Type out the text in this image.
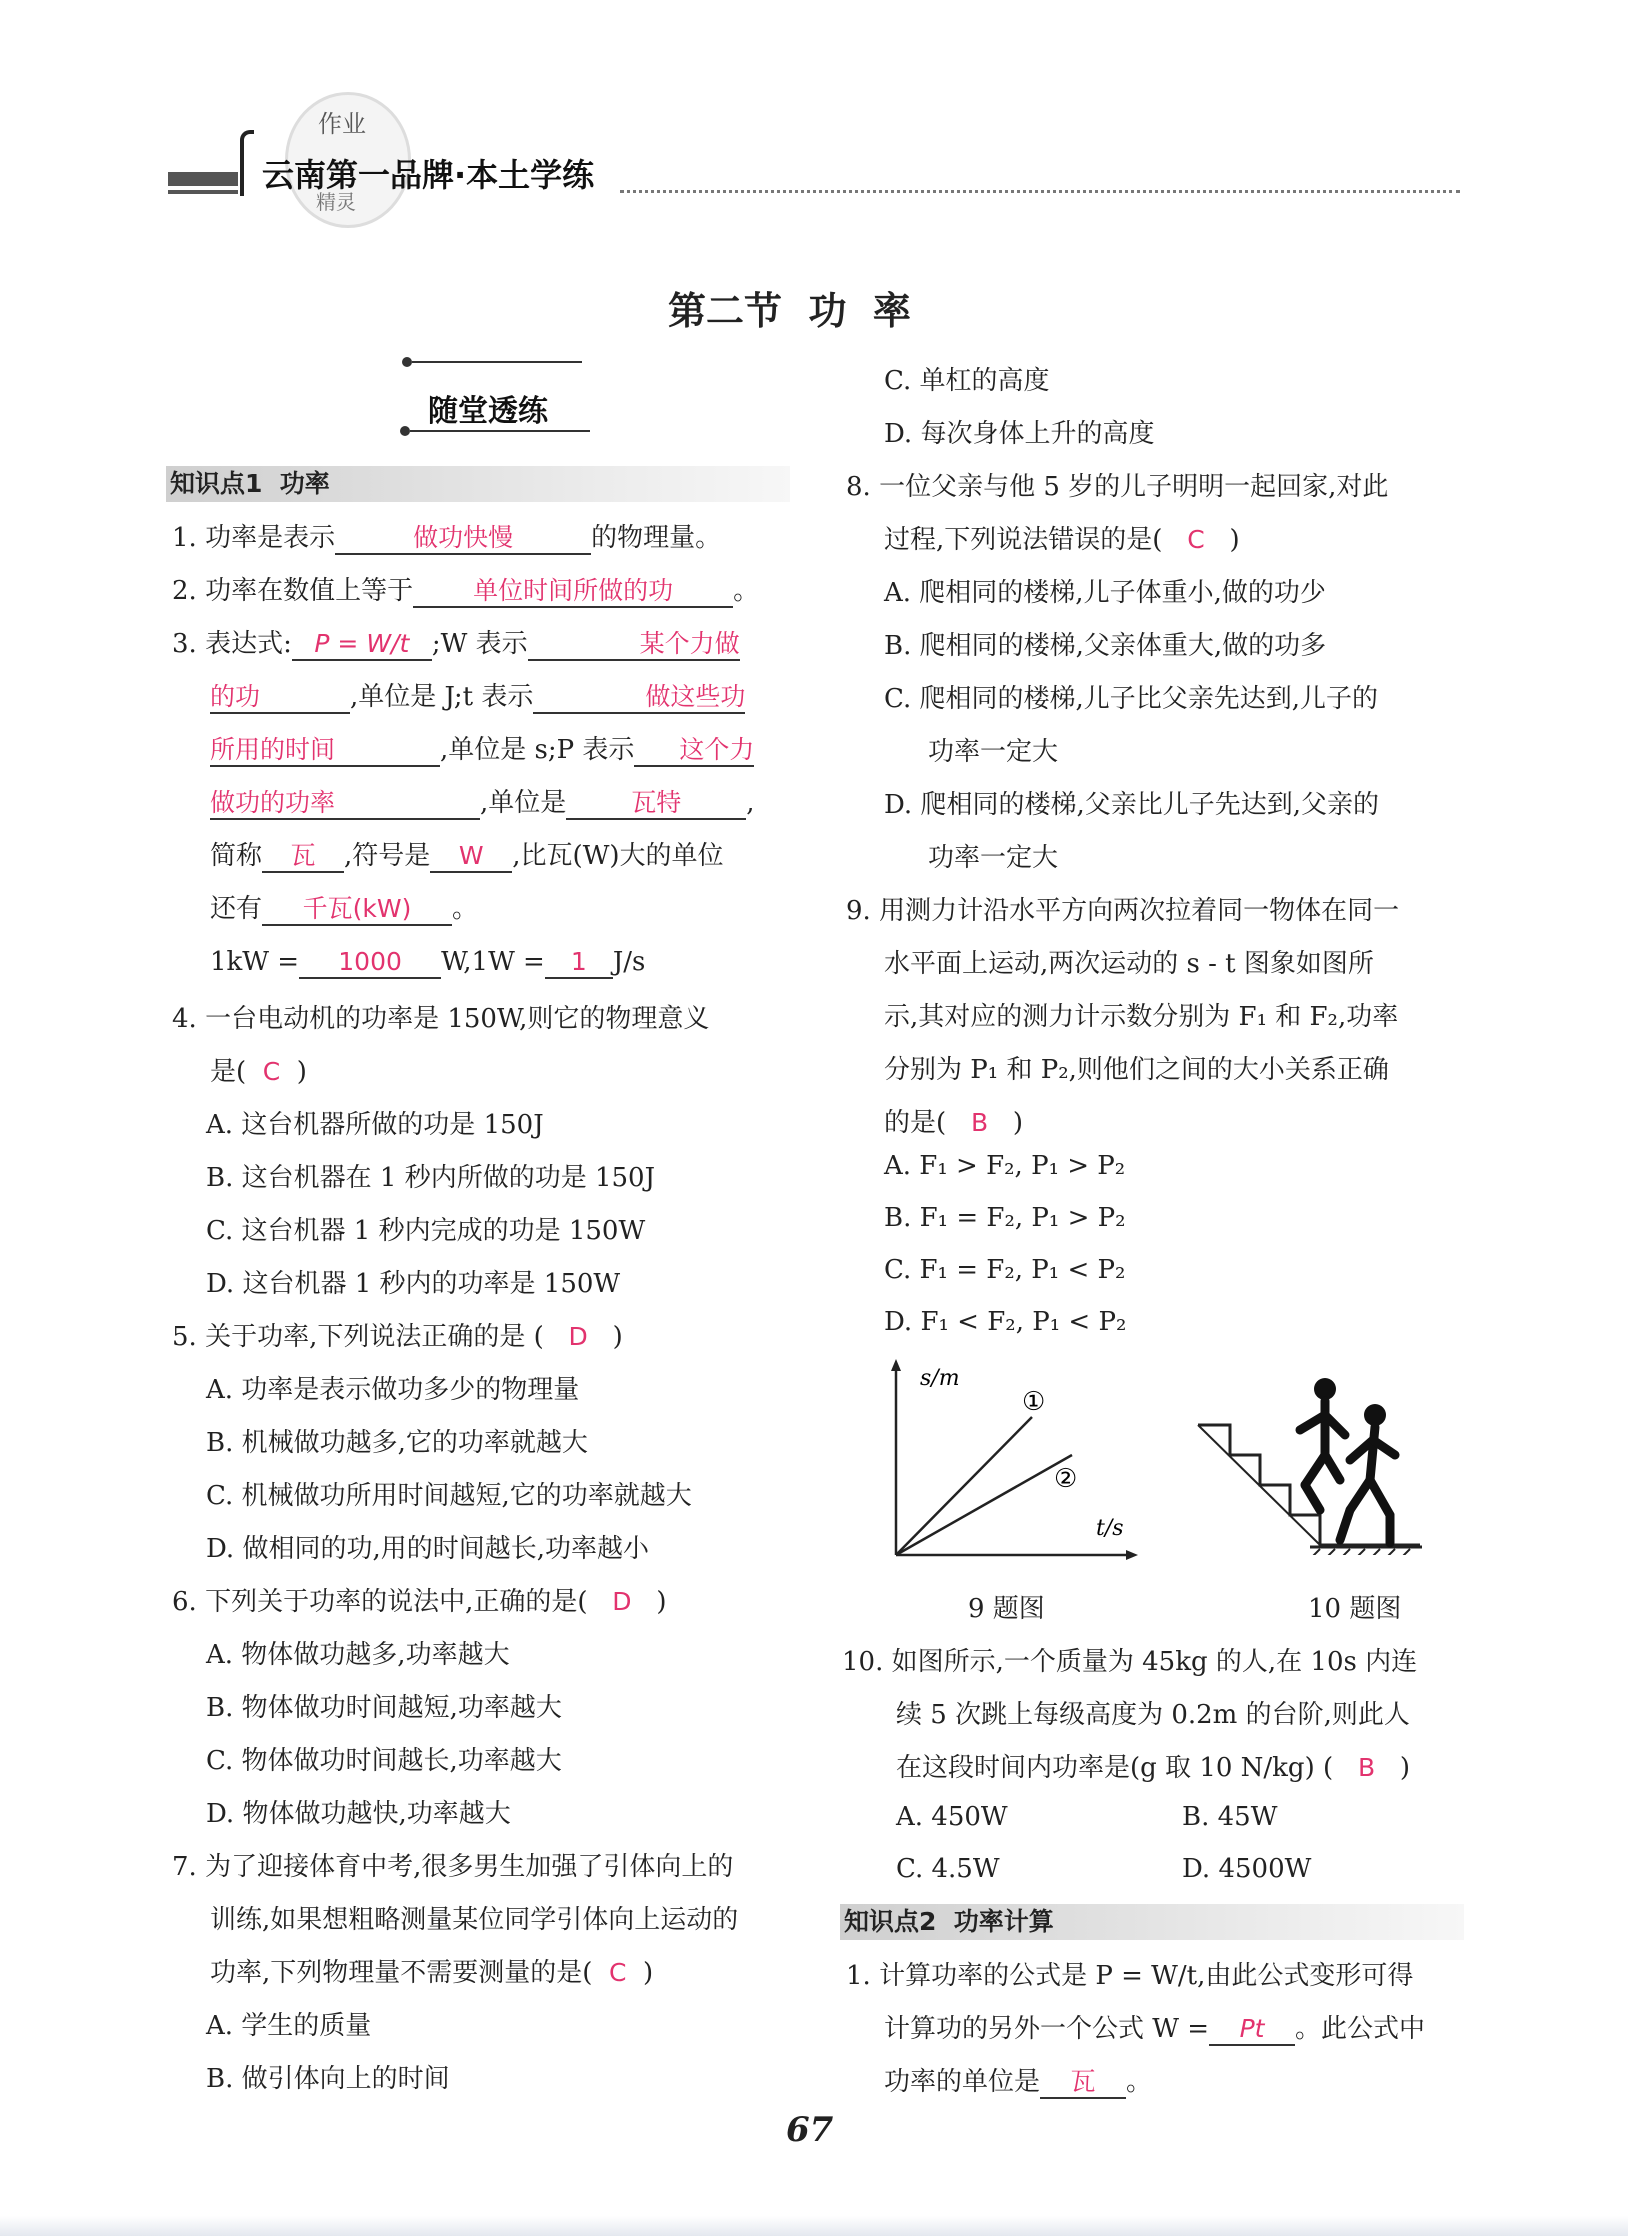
作业
精灵
云南第一品牌·本土学练
第二节  功  率
随堂透练
知识点1  功率
1. 功率是表示	做功快慢	的物理量。
2. 功率在数值上等于 单位时间所做的功 。
3. 表达式: P = W/t ;W 表示	某个力做
的功	,单位是 J;t 表示	做这些功
所用的时间	,单位是 s;P 表示 这个力
做功的功率	,单位是	瓦特	,
简称 瓦 ,符号是 W ,比瓦(W)大的单位
还有 千瓦(kW) 。
1kW = 1000 W,1W = 1 J/s
4. 一台电动机的功率是 150W,则它的物理意义
是( C )
A. 这台机器所做的功是 150J
B. 这台机器在 1 秒内所做的功是 150J
C. 这台机器 1 秒内完成的功是 150W
D. 这台机器 1 秒内的功率是 150W
5. 关于功率,下列说法正确的是 ( D )
A. 功率是表示做功多少的物理量
B. 机械做功越多,它的功率就越大
C. 机械做功所用时间越短,它的功率就越大
D. 做相同的功,用的时间越长,功率越小
6. 下列关于功率的说法中,正确的是( D )
A. 物体做功越多,功率越大
B. 物体做功时间越短,功率越大
C. 物体做功时间越长,功率越大
D. 物体做功越快,功率越大
7. 为了迎接体育中考,很多男生加强了引体向上的
训练,如果想粗略测量某位同学引体向上运动的
功率,下列物理量不需要测量的是( C )
A. 学生的质量
B. 做引体向上的时间
C. 单杠的高度
D. 每次身体上升的高度
8. 一位父亲与他 5 岁的儿子明明一起回家,对此
过程,下列说法错误的是( C )
A. 爬相同的楼梯,儿子体重小,做的功少
B. 爬相同的楼梯,父亲体重大,做的功多
C. 爬相同的楼梯,儿子比父亲先达到,儿子的
功率一定大
D. 爬相同的楼梯,父亲比儿子先达到,父亲的
功率一定大
9. 用测力计沿水平方向两次拉着同一物体在同一
水平面上运动,两次运动的 s - t 图象如图所
示,其对应的测力计示数分别为 F₁ 和 F₂,功率
分别为 P₁ 和 P₂,则他们之间的大小关系正确
的是( B )
A. F₁ > F₂, P₁ > P₂
B. F₁ = F₂, P₁ > P₂
C. F₁ = F₂, P₁ < P₂
D. F₁ < F₂, P₁ < P₂
s/m
t/s
①
②
9 题图	10 题图
10. 如图所示,一个质量为 45kg 的人,在 10s 内连
续 5 次跳上每级高度为 0.2m 的台阶,则此人
在这段时间内功率是(g 取 10 N/kg) ( B )
A. 450W	B. 45W
C. 4.5W	D. 4500W
知识点2  功率计算
1. 计算功率的公式是 P = W/t,由此公式变形可得
计算功的另外一个公式 W = Pt 。此公式中
功率的单位是 瓦 。
67
